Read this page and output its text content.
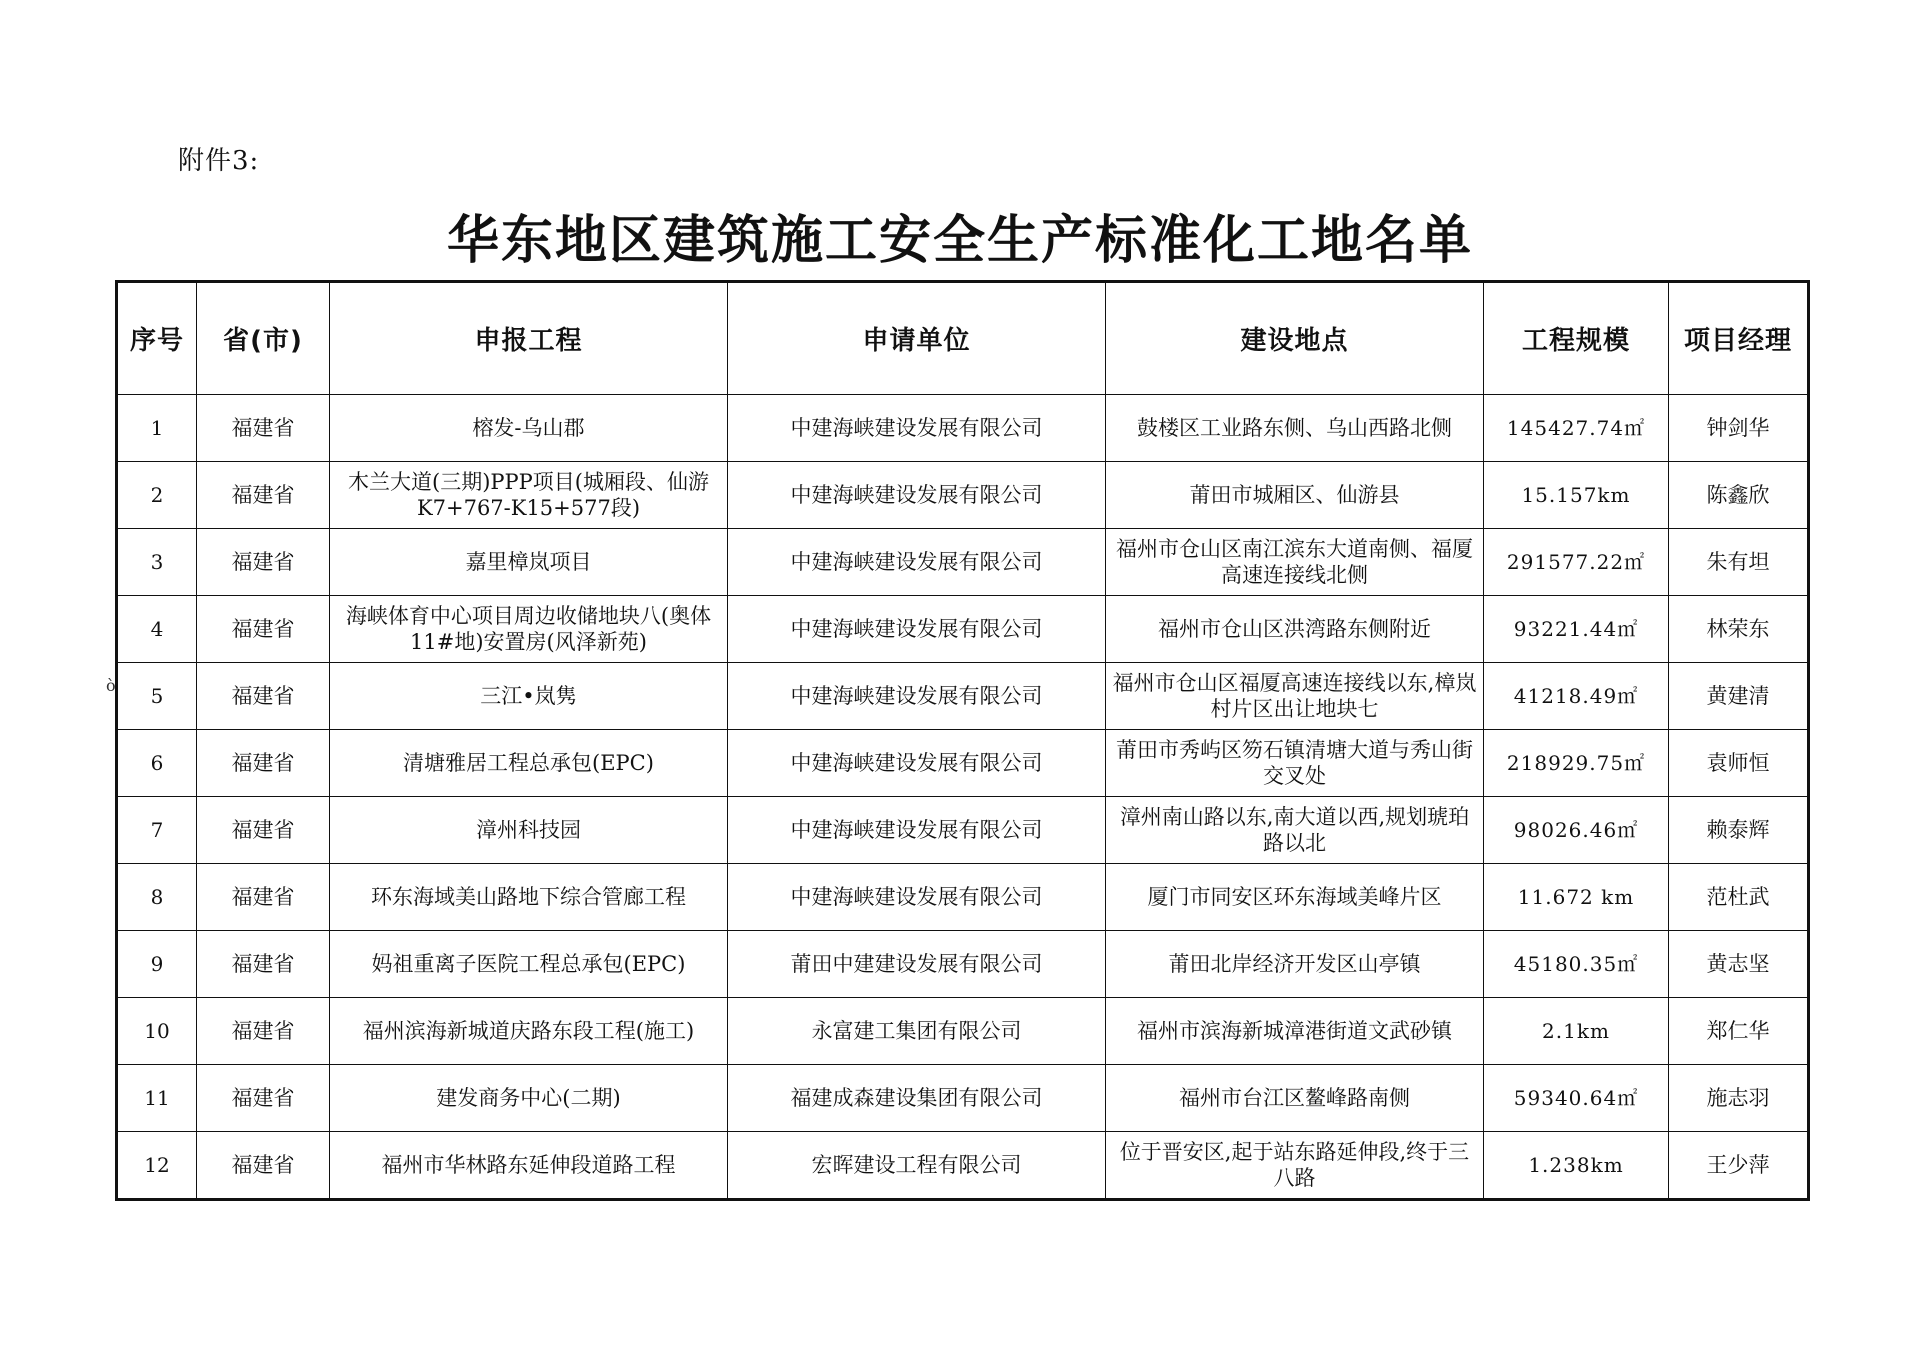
附件3:
华东地区建筑施工安全生产标准化工地名单
ò
序号	省(市)	申报工程	申请单位	建设地点	工程规模	项目经理
1	福建省	榕发-乌山郡	中建海峡建设发展有限公司	鼓楼区工业路东侧、乌山西路北侧	145427.74㎡	钟剑华
2	福建省	木兰大道(三期)PPP项目(城厢段、仙游K7+767-K15+577段)	中建海峡建设发展有限公司	莆田市城厢区、仙游县	15.157km	陈鑫欣
3	福建省	嘉里樟岚项目	中建海峡建设发展有限公司	福州市仓山区南江滨东大道南侧、福厦高速连接线北侧	291577.22㎡	朱有坦
4	福建省	海峡体育中心项目周边收储地块八(奥体11#地)安置房(风泽新苑)	中建海峡建设发展有限公司	福州市仓山区洪湾路东侧附近	93221.44㎡	林荣东
5	福建省	三江•岚隽	中建海峡建设发展有限公司	福州市仓山区福厦高速连接线以东,樟岚村片区出让地块七	41218.49㎡	黄建清
6	福建省	清塘雅居工程总承包(EPC)	中建海峡建设发展有限公司	莆田市秀屿区笏石镇清塘大道与秀山街交叉处	218929.75㎡	袁师恒
7	福建省	漳州科技园	中建海峡建设发展有限公司	漳州南山路以东,南大道以西,规划琥珀路以北	98026.46㎡	赖泰辉
8	福建省	环东海域美山路地下综合管廊工程	中建海峡建设发展有限公司	厦门市同安区环东海域美峰片区	11.672 km	范杜武
9	福建省	妈祖重离子医院工程总承包(EPC)	莆田中建建设发展有限公司	莆田北岸经济开发区山亭镇	45180.35㎡	黄志坚
10	福建省	福州滨海新城道庆路东段工程(施工)	永富建工集团有限公司	福州市滨海新城漳港街道文武砂镇	2.1km	郑仁华
11	福建省	建发商务中心(二期)	福建成森建设集团有限公司	福州市台江区鳌峰路南侧	59340.64㎡	施志羽
12	福建省	福州市华林路东延伸段道路工程	宏晖建设工程有限公司	位于晋安区,起于站东路延伸段,终于三八路	1.238km	王少萍
